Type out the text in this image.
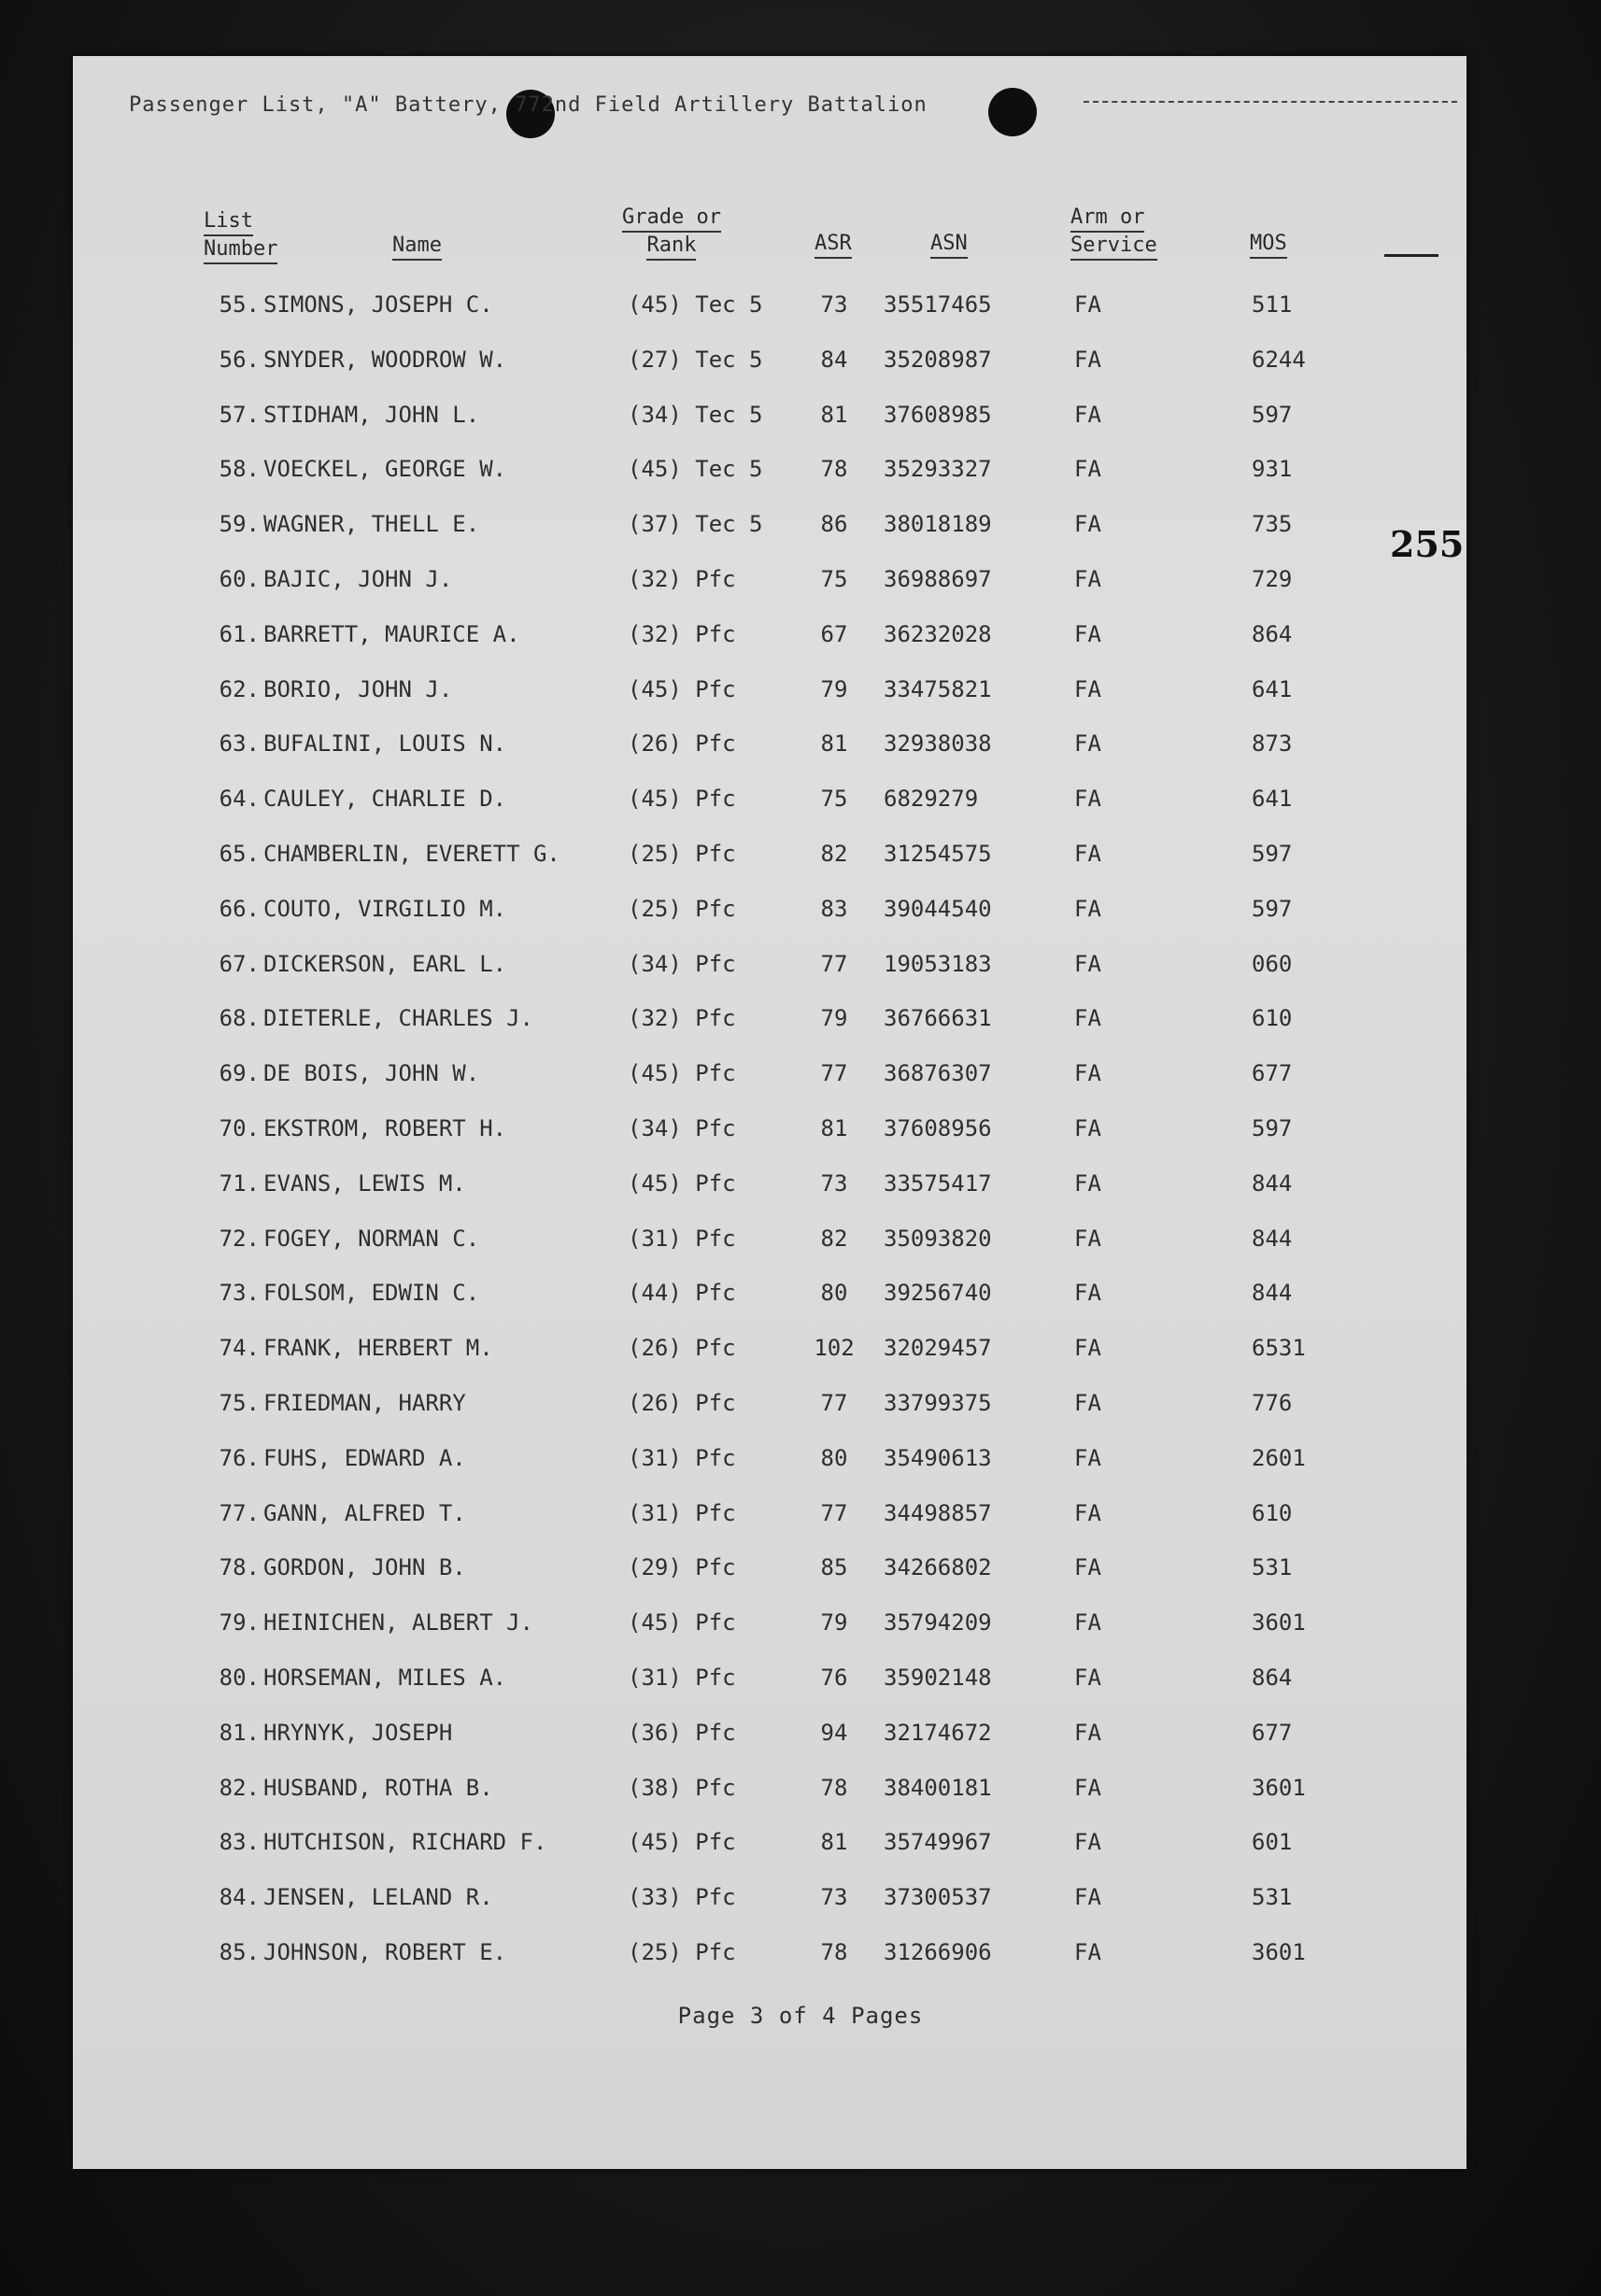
Passenger List, "A" Battery, 772nd Field Artillery Battalion
List
Number	Name
Grade or
Rank	ASR	ASN
Arm or
Service	MOS
255
55. SIMONS, JOSEPH C.	(45) Tec 5	73	35517465	FA	511
56. SNYDER, WOODROW W.	(27) Tec 5	84	35208987	FA	6244
57. STIDHAM, JOHN L.	(34) Tec 5	81	37608985	FA	597
58. VOECKEL, GEORGE W.	(45) Tec 5	78	35293327	FA	931
59. WAGNER, THELL E.	(37) Tec 5	86	38018189	FA	735
60. BAJIC, JOHN J.	(32) Pfc	75	36988697	FA	729
61. BARRETT, MAURICE A.	(32) Pfc	67	36232028	FA	864
62. BORIO, JOHN J.	(45) Pfc	79	33475821	FA	641
63. BUFALINI, LOUIS N.	(26) Pfc	81	32938038	FA	873
64. CAULEY, CHARLIE D.	(45) Pfc	75	6829279	FA	641
65. CHAMBERLIN, EVERETT G.	(25) Pfc	82	31254575	FA	597
66. COUTO, VIRGILIO M.	(25) Pfc	83	39044540	FA	597
67. DICKERSON, EARL L.	(34) Pfc	77	19053183	FA	060
68. DIETERLE, CHARLES J.	(32) Pfc	79	36766631	FA	610
69. DE BOIS, JOHN W.	(45) Pfc	77	36876307	FA	677
70. EKSTROM, ROBERT H.	(34) Pfc	81	37608956	FA	597
71. EVANS, LEWIS M.	(45) Pfc	73	33575417	FA	844
72. FOGEY, NORMAN C.	(31) Pfc	82	35093820	FA	844
73. FOLSOM, EDWIN C.	(44) Pfc	80	39256740	FA	844
74. FRANK, HERBERT M.	(26) Pfc	102	32029457	FA	6531
75. FRIEDMAN, HARRY	(26) Pfc	77	33799375	FA	776
76. FUHS, EDWARD A.	(31) Pfc	80	35490613	FA	2601
77. GANN, ALFRED T.	(31) Pfc	77	34498857	FA	610
78. GORDON, JOHN B.	(29) Pfc	85	34266802	FA	531
79. HEINICHEN, ALBERT J.	(45) Pfc	79	35794209	FA	3601
80. HORSEMAN, MILES A.	(31) Pfc	76	35902148	FA	864
81. HRYNYK, JOSEPH	(36) Pfc	94	32174672	FA	677
82. HUSBAND, ROTHA B.	(38) Pfc	78	38400181	FA	3601
83. HUTCHISON, RICHARD F.	(45) Pfc	81	35749967	FA	601
84. JENSEN, LELAND R.	(33) Pfc	73	37300537	FA	531
85. JOHNSON, ROBERT E.	(25) Pfc	78	31266906	FA	3601
Page 3 of 4 Pages
